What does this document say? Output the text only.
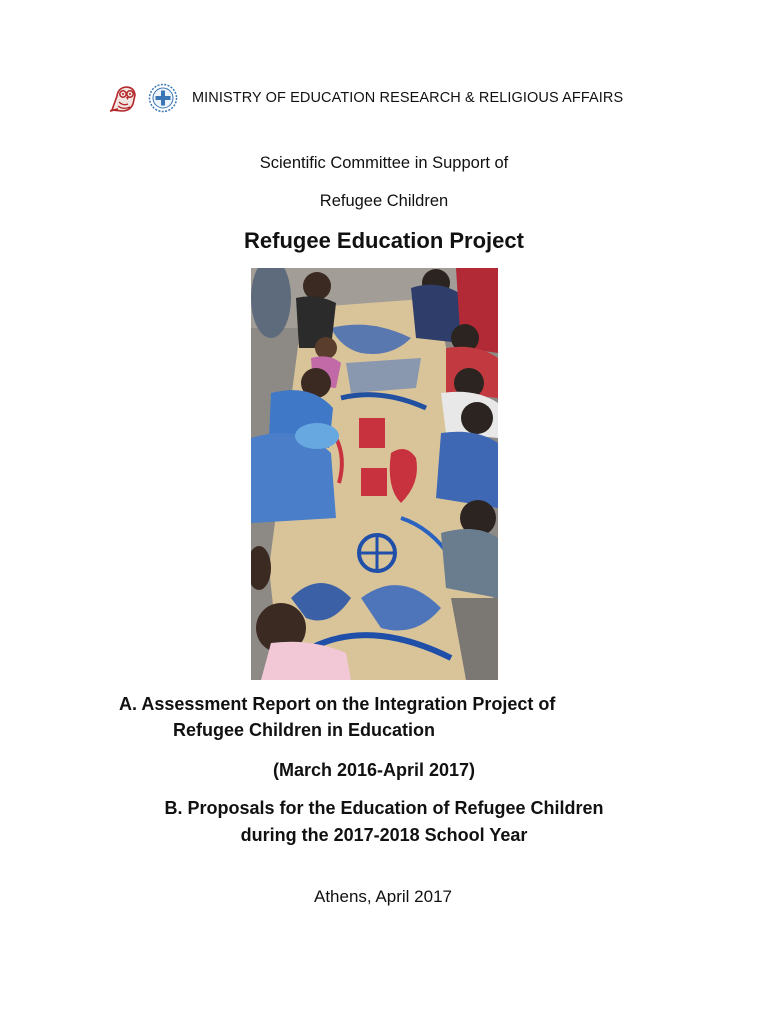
MINISTRY OF EDUCATION RESEARCH & RELIGIOUS AFFAIRS
Scientific Committee in Support of
Refugee Children
Refugee Education Project
A. Assessment Report on the Integration Project of
Refugee Children in Education
(March 2016-April 2017)
B. Proposals for the Education of Refugee Children
during the 2017-2018 School Year
Athens, April 2017
